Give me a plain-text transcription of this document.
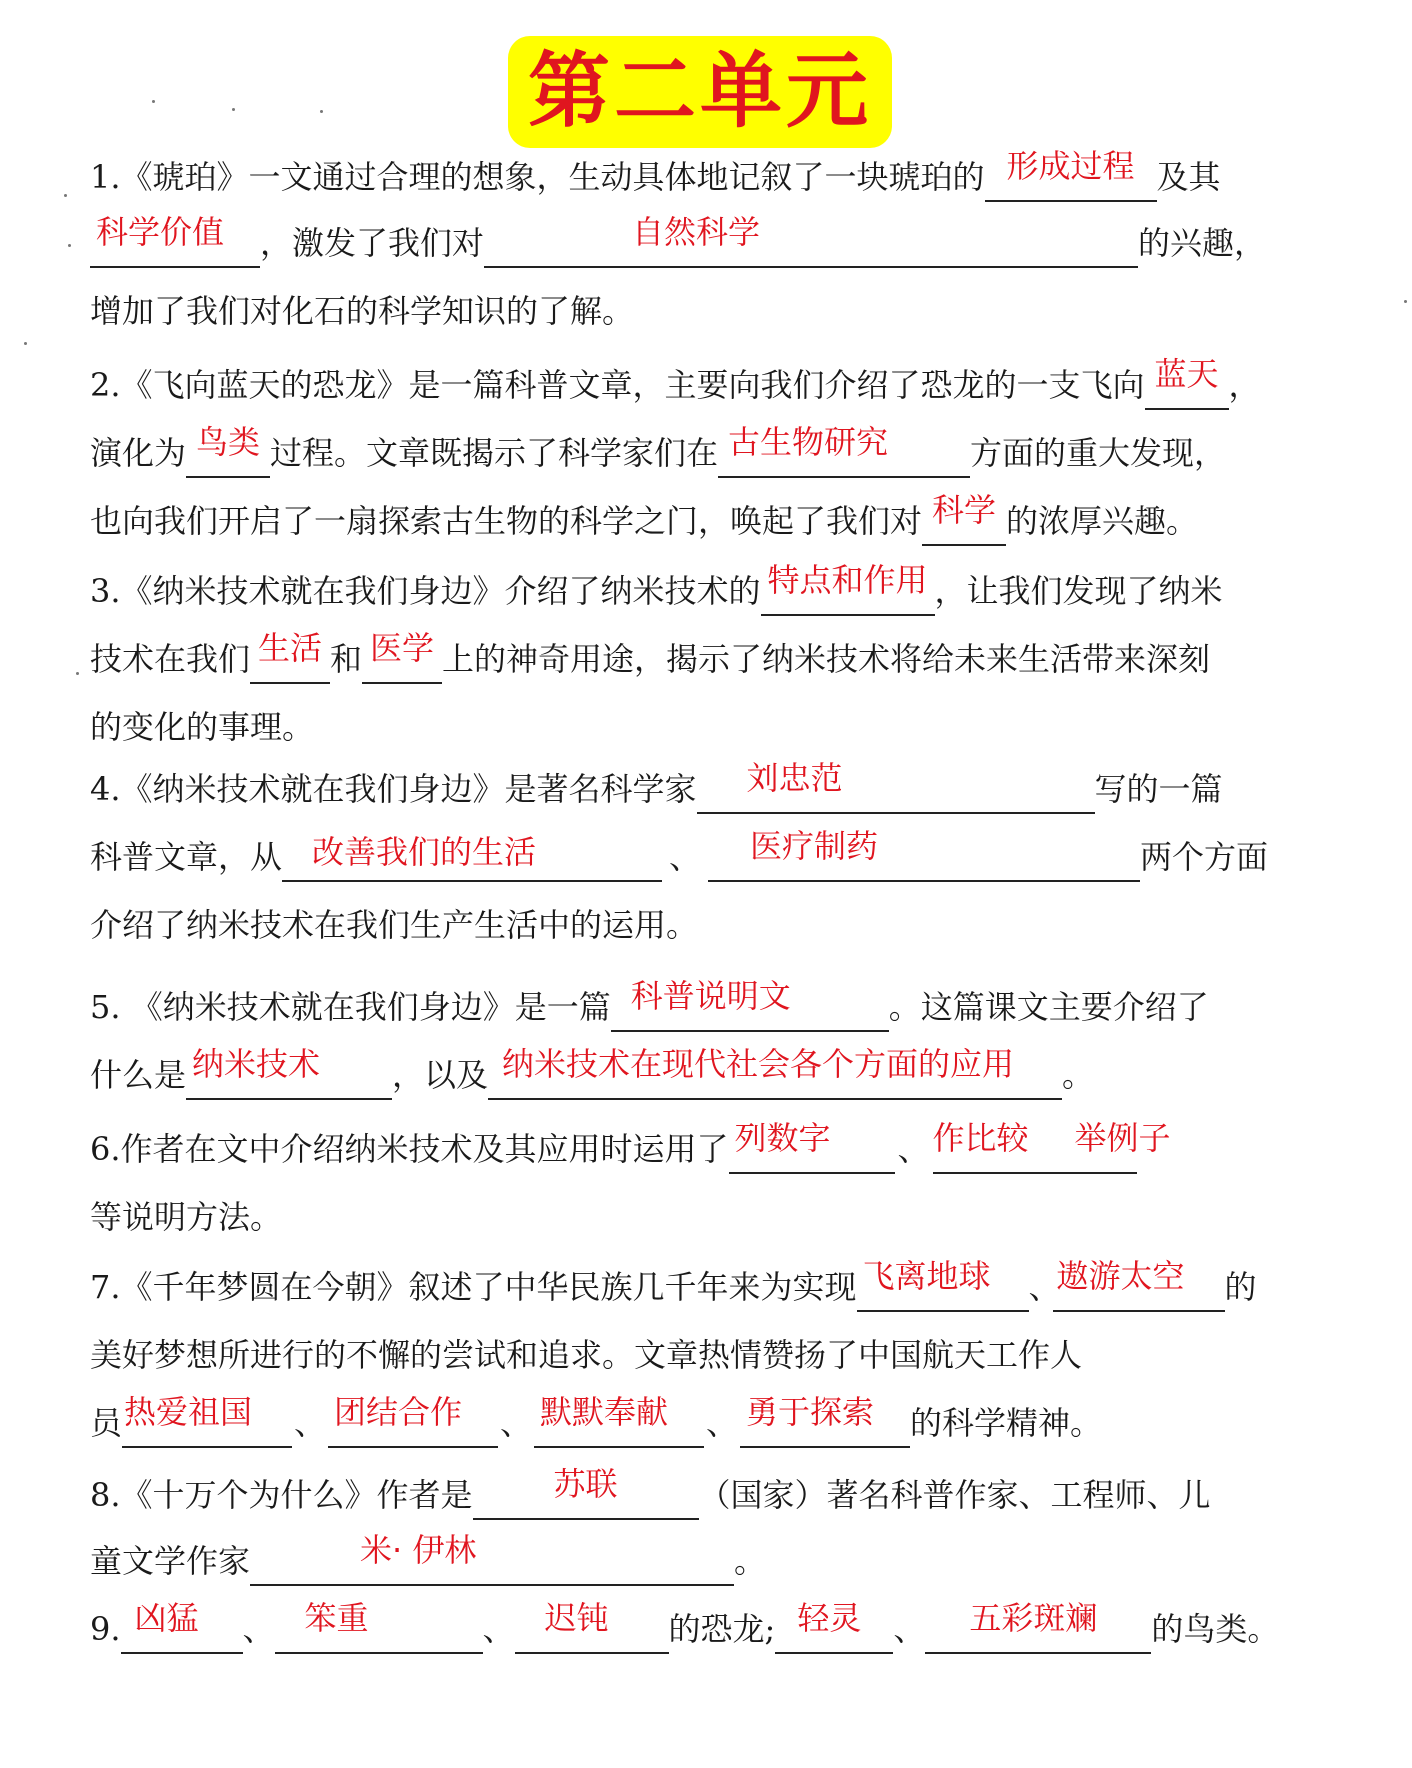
第二单元
1.《琥珀》一文通过合理的想象，生动具体地记叙了一块琥珀的 形成过程 及其
科学价值	，激发了我们对	自然科学	的兴趣，
增加了我们对化石的科学知识的了解。
2.《飞向蓝天的恐龙》是一篇科普文章，主要向我们介绍了恐龙的一支飞向 蓝天 ，
演化为 鸟类 过程。文章既揭示了科学家们在 古生物研究	方面的重大发现，
也向我们开启了一扇探索古生物的科学之门，唤起了我们对 科学 的浓厚兴趣。
3.《纳米技术就在我们身边》介绍了纳米技术的 特点和作用 ，让我们发现了纳米
技术在我们 生活 和 医学 上的神奇用途，揭示了纳米技术将给未来生活带来深刻
的变化的事理。
4.《纳米技术就在我们身边》是著名科学家 刘忠范	写的一篇
科普文章，从 改善我们的生活	、 医疗制药	两个方面
介绍了纳米技术在我们生产生活中的运用。
5. 《纳米技术就在我们身边》是一篇 科普说明文	。这篇课文主要介绍了
什么是 纳米技术	，以及 纳米技术在现代社会各个方面的应用	。
6.作者在文中介绍纳米技术及其应用时运用了 列数字	、 作比较 举例子
等说明方法。
7.《千年梦圆在今朝》叙述了中华民族几千年来为实现 飞离地球	、
遨游太空	的
美好梦想所进行的不懈的尝试和追求。文章热情赞扬了中国航天工作人
员 热爱祖国	、 团结合作	、 默默奉献	、 勇于探索	的科学精神。
8.《十万个为什么》作者是	苏联	（国家）著名科普作家、工程师、儿
童文学作家	米· 伊林	。
9. 凶猛	、 笨重	、 迟钝	的恐龙; 轻灵 、 五彩斑斓	的鸟类。
